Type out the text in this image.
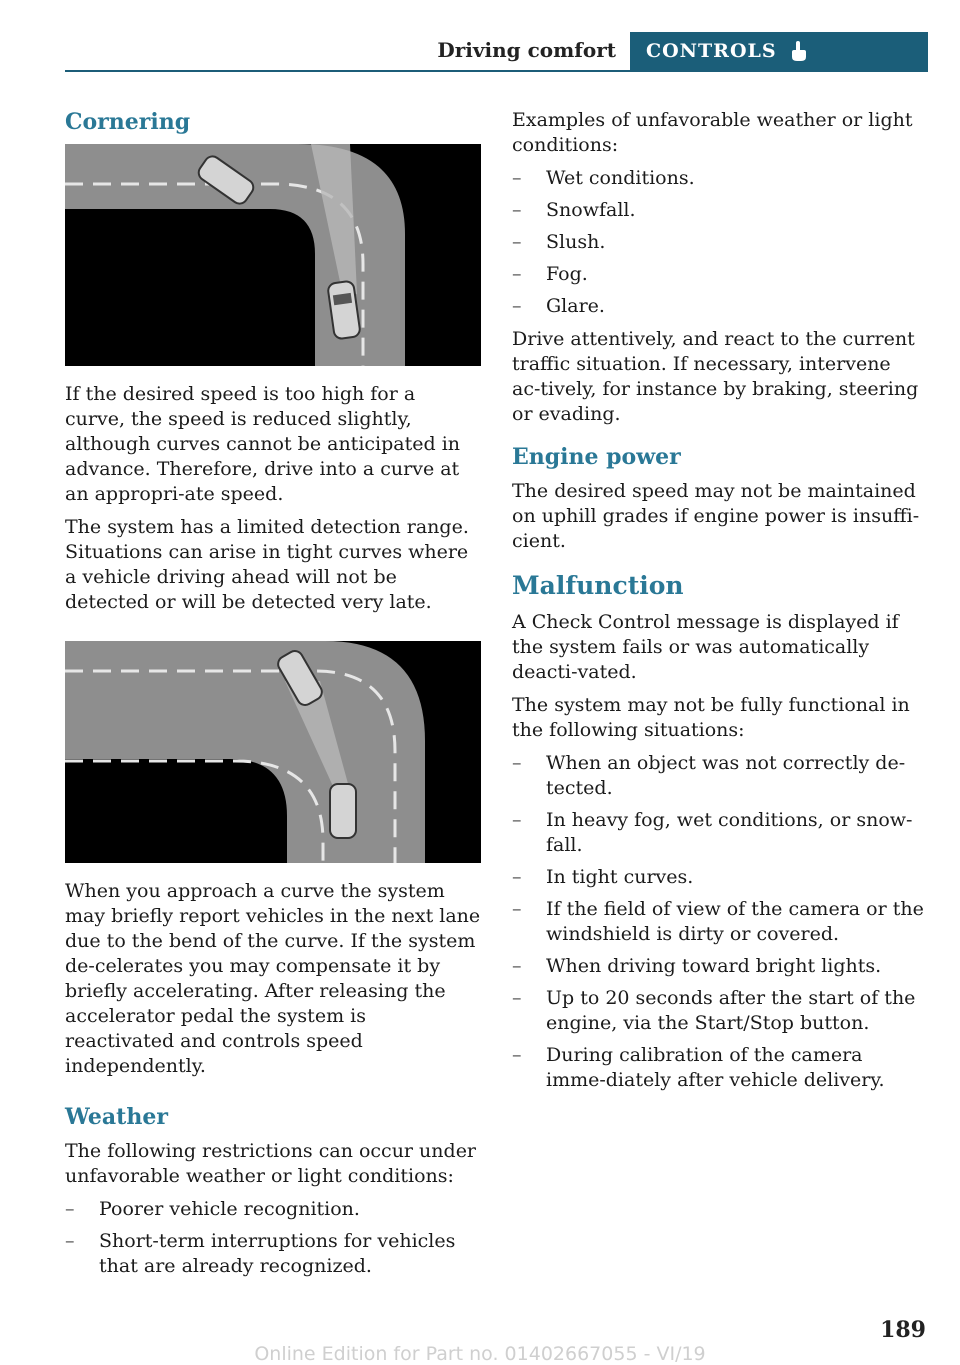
Driving comfort CONTROLS
Cornering

If the desired speed is too high for a curve, the speed is reduced slightly, although curves cannot be anticipated in advance. Therefore, drive into a curve at an appropri-ate speed.

The system has a limited detection range. Situations can arise in tight curves where a vehicle driving ahead will not be detected or will be detected very late.

When you approach a curve the system may briefly report vehicles in the next lane due to the bend of the curve. If the system de-celerates you may compensate it by briefly accelerating. After releasing the accelerator pedal the system is reactivated and controls speed independently.

Weather

The following restrictions can occur under unfavorable weather or light conditions:

– Poorer vehicle recognition.
– Short-term interruptions for vehicles that are already recognized.

Examples of unfavorable weather or light conditions:

– Wet conditions.
– Snowfall.
– Slush.
– Fog.
– Glare.

Drive attentively, and react to the current traffic situation. If necessary, intervene ac-tively, for instance by braking, steering or evading.

Engine power

The desired speed may not be maintained on uphill grades if engine power is insuffi-cient.

Malfunction

A Check Control message is displayed if the system fails or was automatically deacti-vated.

The system may not be fully functional in the following situations:

– When an object was not correctly de-tected.
– In heavy fog, wet conditions, or snow-fall.
– In tight curves.
– If the field of view of the camera or the windshield is dirty or covered.
– When driving toward bright lights.
– Up to 20 seconds after the start of the engine, via the Start/Stop button.
– During calibration of the camera imme-diately after vehicle delivery.
189
Online Edition for Part no. 01402667055 - VI/19
